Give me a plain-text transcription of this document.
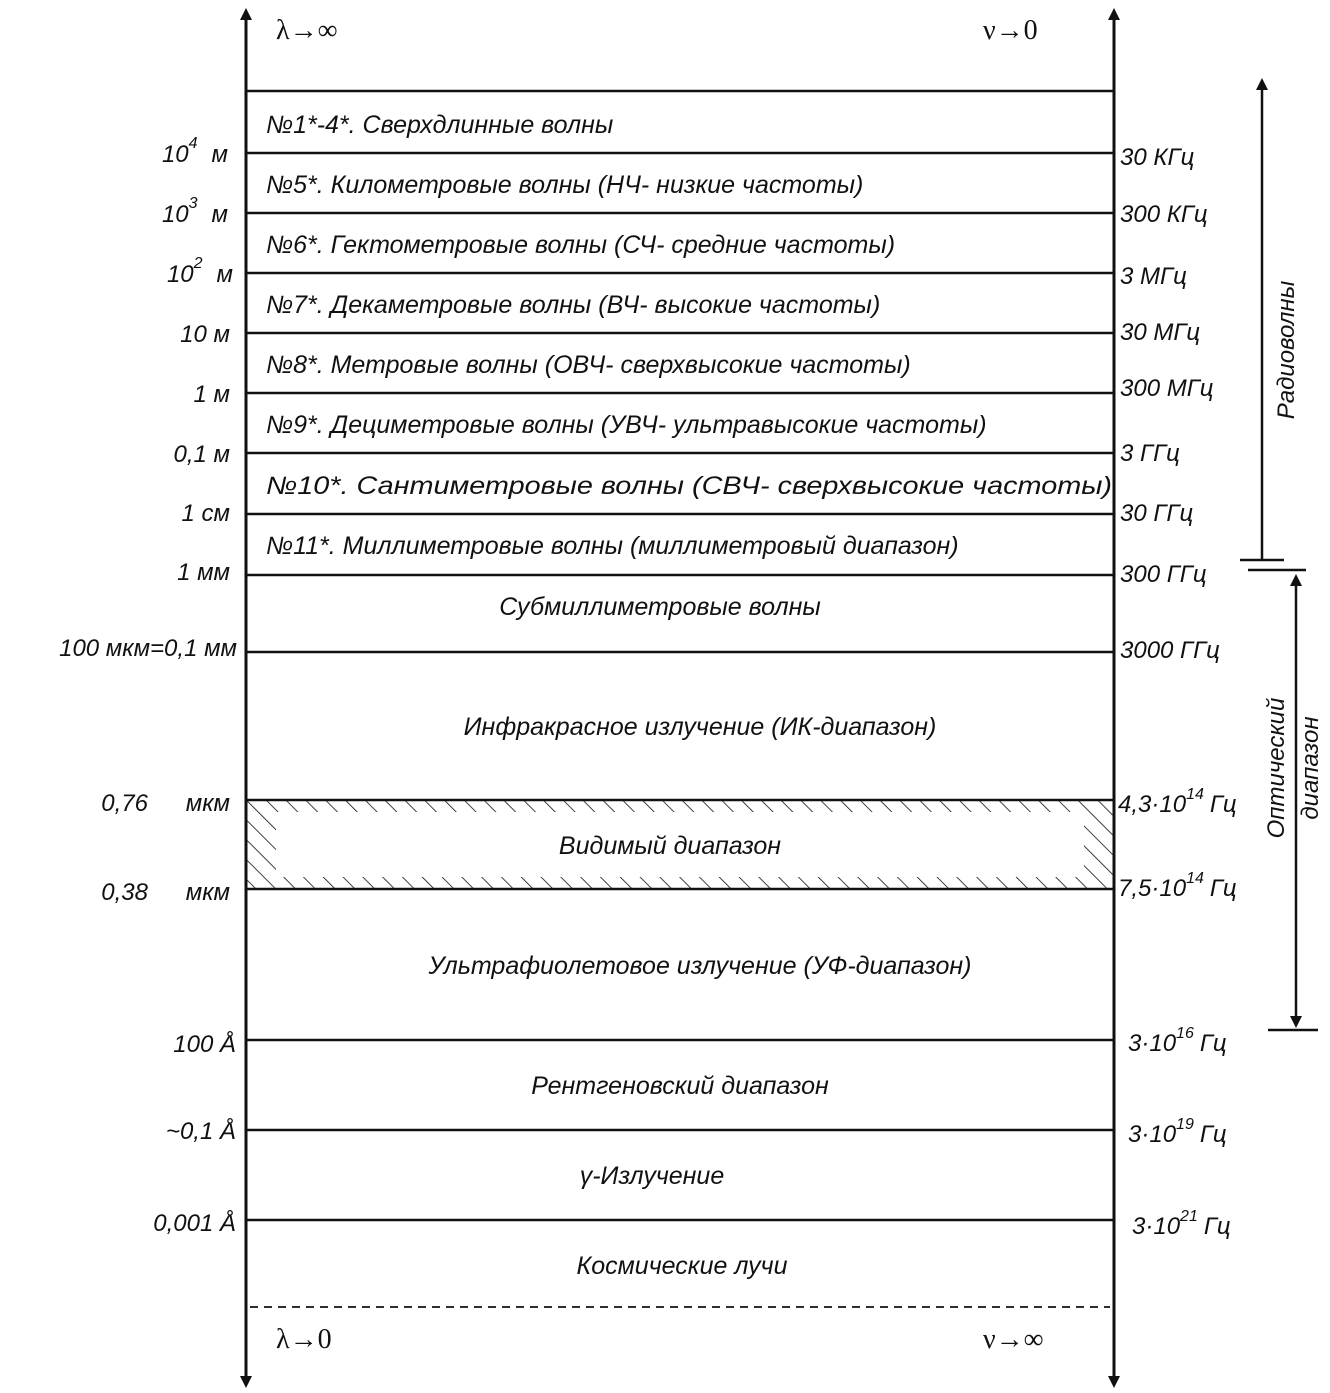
λ→∞	ν→0
λ→0	ν→∞
№1*-4*. Сверхдлинные волны
№5*. Километровые волны (НЧ- низкие частоты)
№6*. Гектометровые волны (СЧ- средние частоты)
№7*. Декаметровые волны (ВЧ- высокие частоты)
№8*. Метровые волны (ОВЧ- сверхвысокие частоты)
№9*. Дециметровые волны (УВЧ- ультравысокие частоты)
№10*. Сантиметровые волны (СВЧ- сверхвысокие частоты)
№11*. Миллиметровые волны (миллиметровый диапазон)
Субмиллиметровые волны
Инфракрасное излучение (ИК-диапазон)
Видимый диапазон
Ультрафиолетовое излучение (УФ-диапазон)
Рентгеновский диапазон
γ-Излучение
Космические лучи
$10^4$ м
$10^3$ м
$10^2$ м
10 м
1 м
0,1 м
1 см
1 мм
100 мкм=0,1 мм
0,76 мкм
0,38 мкм
100 Å
~0,1 Å
0,001 Å
30 КГц
300 КГц
3 МГц
30 МГц
300 МГц
3 ГГц
30 ГГц
300 ГГц
3000 ГГц
$4,3\cdot 10^{14}$ Гц
$7,5\cdot 10^{14}$ Гц
$3\cdot 10^{16}$ Гц
$3\cdot 10^{19}$ Гц
$3\cdot 10^{21}$ Гц
Радиоволны
Оптический диапазон
